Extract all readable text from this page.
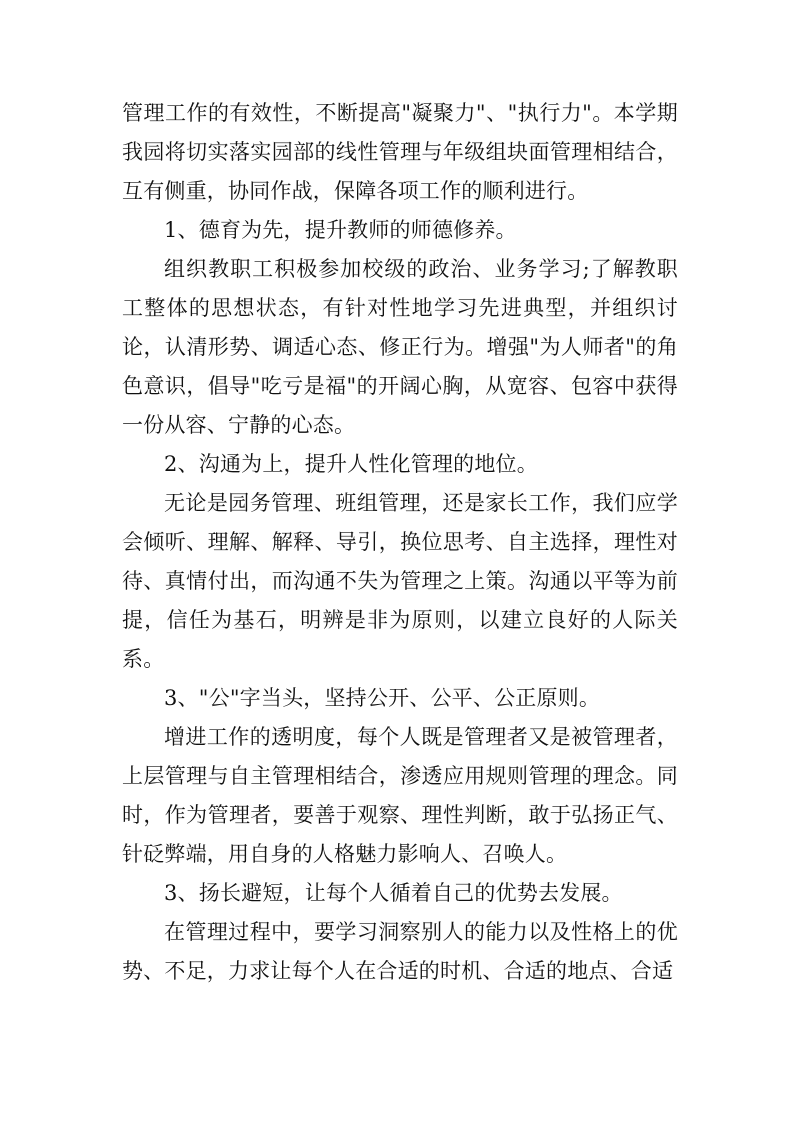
管理工作的有效性，不断提高"凝聚力"、"执行力"。本学期我园将切实落实园部的线性管理与年级组块面管理相结合，互有侧重，协同作战，保障各项工作的顺利进行。

1、德育为先，提升教师的师德修养。

组织教职工积极参加校级的政治、业务学习;了解教职工整体的思想状态，有针对性地学习先进典型，并组织讨论，认清形势、调适心态、修正行为。增强"为人师者"的角色意识，倡导"吃亏是福"的开阔心胸，从宽容、包容中获得一份从容、宁静的心态。

2、沟通为上，提升人性化管理的地位。

无论是园务管理、班组管理，还是家长工作，我们应学会倾听、理解、解释、导引，换位思考、自主选择，理性对待、真情付出，而沟通不失为管理之上策。沟通以平等为前提，信任为基石，明辨是非为原则，以建立良好的人际关系。

3、"公"字当头，坚持公开、公平、公正原则。

增进工作的透明度，每个人既是管理者又是被管理者，上层管理与自主管理相结合，渗透应用规则管理的理念。同时，作为管理者，要善于观察、理性判断，敢于弘扬正气、针砭弊端，用自身的人格魅力影响人、召唤人。

3、扬长避短，让每个人循着自己的优势去发展。

在管理过程中，要学习洞察别人的能力以及性格上的优势、不足，力求让每个人在合适的时机、合适的地点、合适
